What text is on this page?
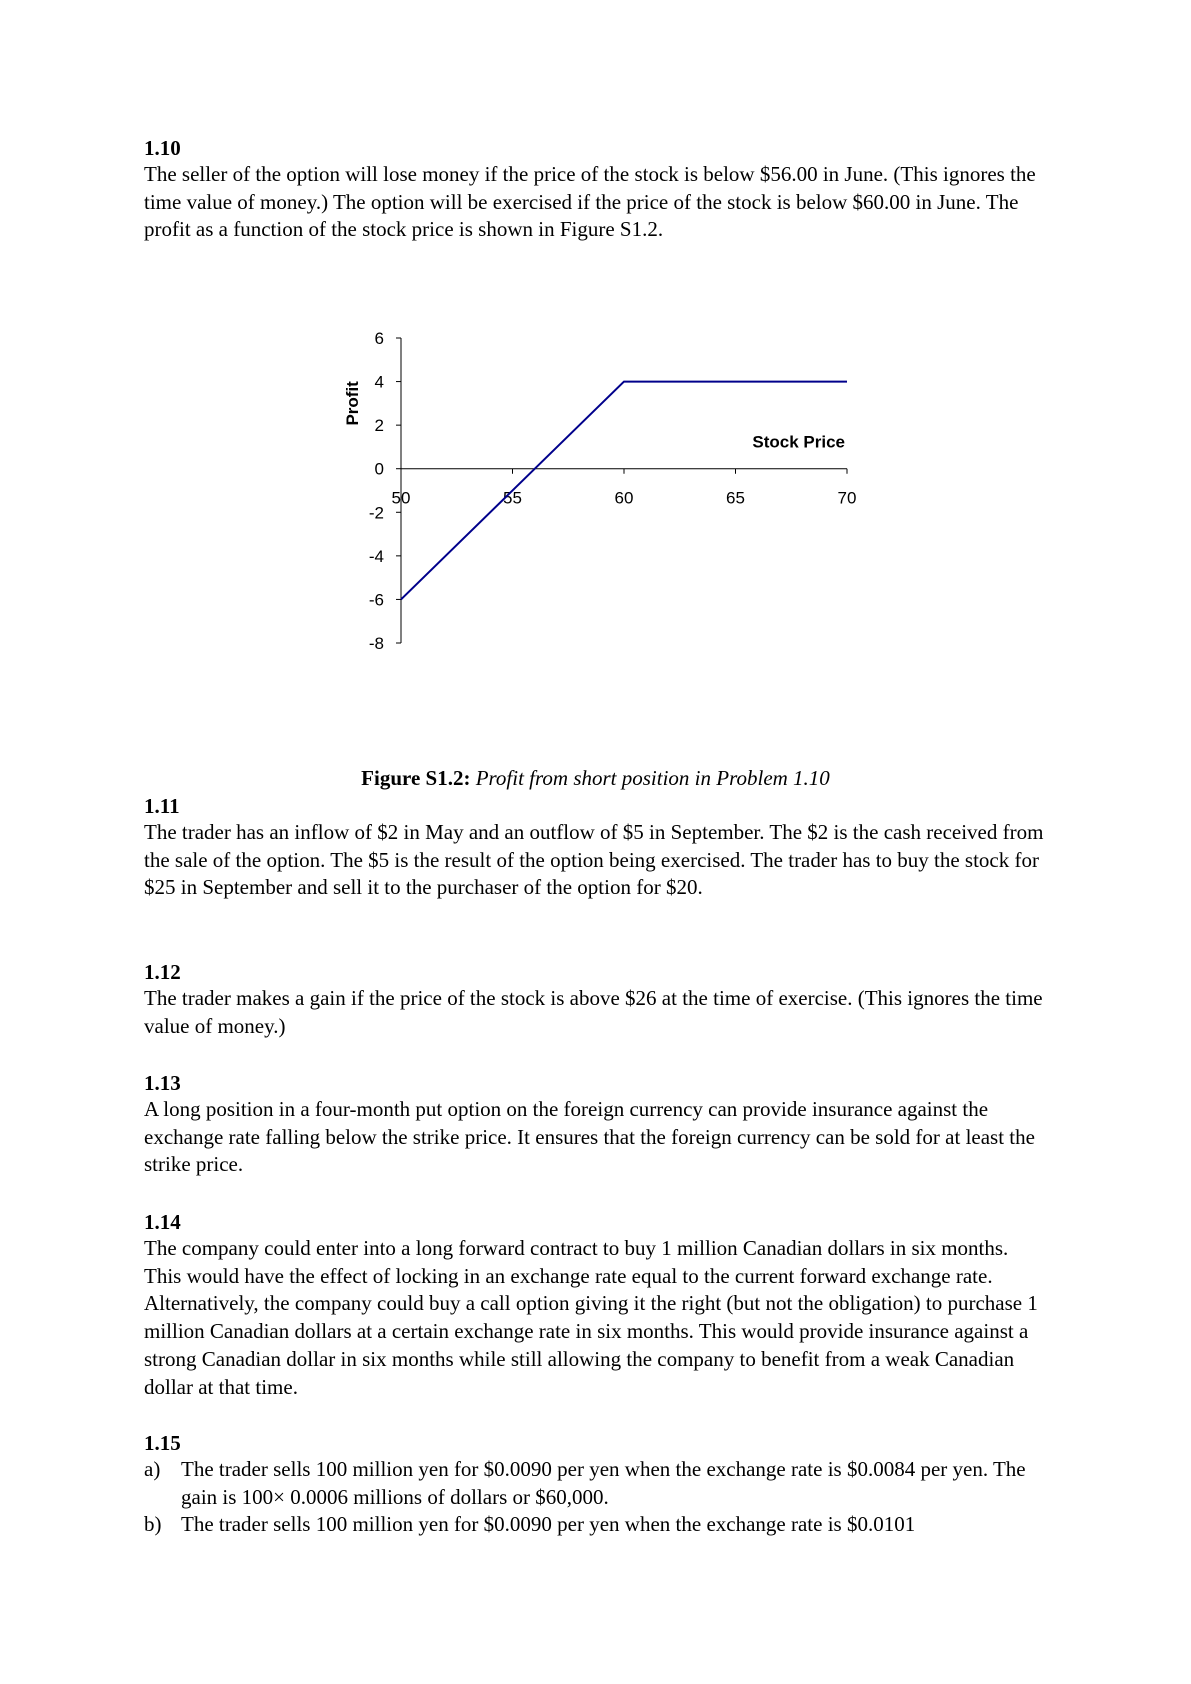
1.10
The seller of the option will lose money if the price of the stock is below $56.00 in June. (This ignores the time value of money.) The option will be exercised if the price of the stock is below $60.00 in June. The profit as a function of the stock price is shown in Figure S1.2.
6
4
2
0
-2
-4
-6
-8
50	55	60	65	70
Stock Price
Profit
Figure S1.2: Profit from short position in Problem 1.10
1.11
The trader has an inflow of $2 in May and an outflow of $5 in September. The $2 is the cash received from the sale of the option. The $5 is the result of the option being exercised. The trader has to buy the stock for $25 in September and sell it to the purchaser of the option for $20.
1.12
The trader makes a gain if the price of the stock is above $26 at the time of exercise. (This ignores the time value of money.)
1.13
A long position in a four-month put option on the foreign currency can provide insurance against the exchange rate falling below the strike price. It ensures that the foreign currency can be sold for at least the strike price.
1.14
The company could enter into a long forward contract to buy 1 million Canadian dollars in six months. This would have the effect of locking in an exchange rate equal to the current forward exchange rate. Alternatively, the company could buy a call option giving it the right (but not the obligation) to purchase 1 million Canadian dollars at a certain exchange rate in six months. This would provide insurance against a strong Canadian dollar in six months while still allowing the company to benefit from a weak Canadian dollar at that time.
1.15
a) The trader sells 100 million yen for $0.0090 per yen when the exchange rate is $0.0084 per yen. The gain is 100× 0.0006 millions of dollars or $60,000.
b) The trader sells 100 million yen for $0.0090 per yen when the exchange rate is $0.0101
